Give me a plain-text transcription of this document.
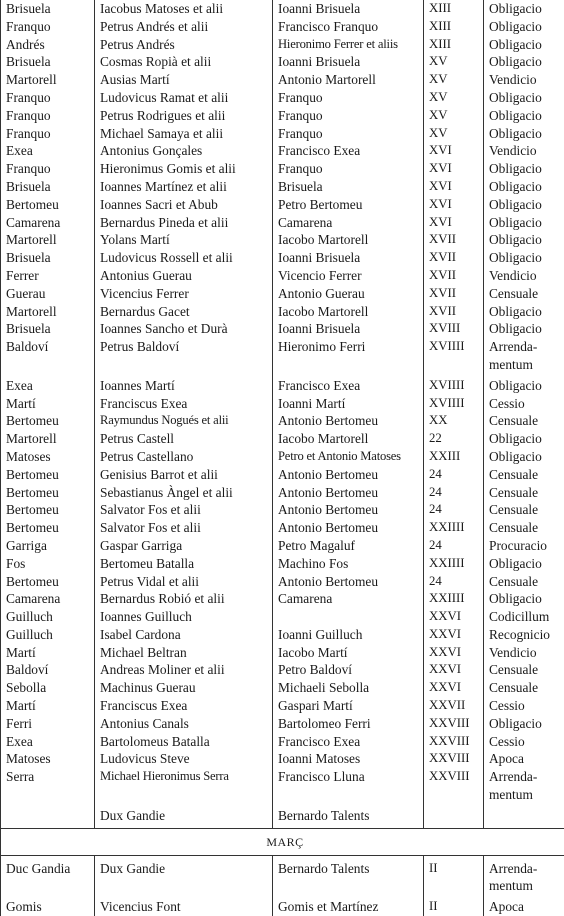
Brisuela	Iacobus Matoses et alii	Ioanni Brisuela	XIII	Obligacio
Franquo	Petrus Andrés et alii	Francisco Franquo	XIII	Obligacio
Andrés	Petrus Andrés	Hieronimo Ferrer et aliis	XIII	Obligacio
Brisuela	Cosmas Ropià et alii	Ioanni Brisuela	XV	Obligacio
Martorell	Ausias Martí	Antonio Martorell	XV	Vendicio
Franquo	Ludovicus Ramat et alii	Franquo	XV	Obligacio
Franquo	Petrus Rodrigues et alii	Franquo	XV	Obligacio
Franquo	Michael Samaya et alii	Franquo	XV	Obligacio
Exea	Antonius Gonçales	Francisco Exea	XVI	Vendicio
Franquo	Hieronimus Gomis et alii	Franquo	XVI	Obligacio
Brisuela	Ioannes Martínez et alii	Brisuela	XVI	Obligacio
Bertomeu	Ioannes Sacri et Abub	Petro Bertomeu	XVI	Obligacio
Camarena	Bernardus Pineda et alii	Camarena	XVI	Obligacio
Martorell	Yolans Martí	Iacobo Martorell	XVII	Obligacio
Brisuela	Ludovicus Rossell et alii	Ioanni Brisuela	XVII	Obligacio
Ferrer	Antonius Guerau	Vicencio Ferrer	XVII	Vendicio
Guerau	Vicencius Ferrer	Antonio Guerau	XVII	Censuale
Martorell	Bernardus Gacet	Iacobo Martorell	XVII	Obligacio
Brisuela	Ioannes Sancho et Durà	Ioanni Brisuela	XVIII	Obligacio
Baldoví	Petrus Baldoví	Hieronimo Ferri	XVIIII	Arrenda-mentum
Exea	Ioannes Martí	Francisco Exea	XVIIII	Obligacio
Martí	Franciscus Exea	Ioanni Martí	XVIIII	Cessio
Bertomeu	Raymundus Nogués et alii	Antonio Bertomeu	XX	Censuale
Martorell	Petrus Castell	Iacobo Martorell	22	Obligacio
Matoses	Petrus Castellano	Petro et Antonio Matoses	XXIII	Obligacio
Bertomeu	Genisius Barrot et alii	Antonio Bertomeu	24	Censuale
Bertomeu	Sebastianus Àngel et alii	Antonio Bertomeu	24	Censuale
Bertomeu	Salvator Fos et alii	Antonio Bertomeu	24	Censuale
Bertomeu	Salvator Fos et alii	Antonio Bertomeu	XXIIII	Censuale
Garriga	Gaspar Garriga	Petro Magaluf	24	Procuracio
Fos	Bertomeu Batalla	Machino Fos	XXIIII	Obligacio
Bertomeu	Petrus Vidal et alii	Antonio Bertomeu	24	Censuale
Camarena	Bernardus Robió et alii	Camarena	XXIIII	Obligacio
Guilluch	Ioannes Guilluch		XXVI	Codicillum
Guilluch	Isabel Cardona	Ioanni Guilluch	XXVI	Recognicio
Martí	Michael Beltran	Iacobo Martí	XXVI	Vendicio
Baldoví	Andreas Moliner et alii	Petro Baldoví	XXVI	Censuale
Sebolla	Machinus Guerau	Michaeli Sebolla	XXVI	Censuale
Martí	Franciscus Exea	Gaspari Martí	XXVII	Cessio
Ferri	Antonius Canals	Bartolomeo Ferri	XXVIII	Obligacio
Exea	Bartolomeus Batalla	Francisco Exea	XXVIII	Cessio
Matoses	Ludovicus Steve	Ioanni Matoses	XXVIII	Apoca
Serra	Michael Hieronimus Serra	Francisco Lluna	XXVIII	Arrenda-mentum
	Dux Gandie	Bernardo Talents		
MARÇ				
Duc Gandia	Dux Gandie	Bernardo Talents	II	Arrenda-mentum
Gomis	Vicencius Font	Gomis et Martínez	II	Apoca
